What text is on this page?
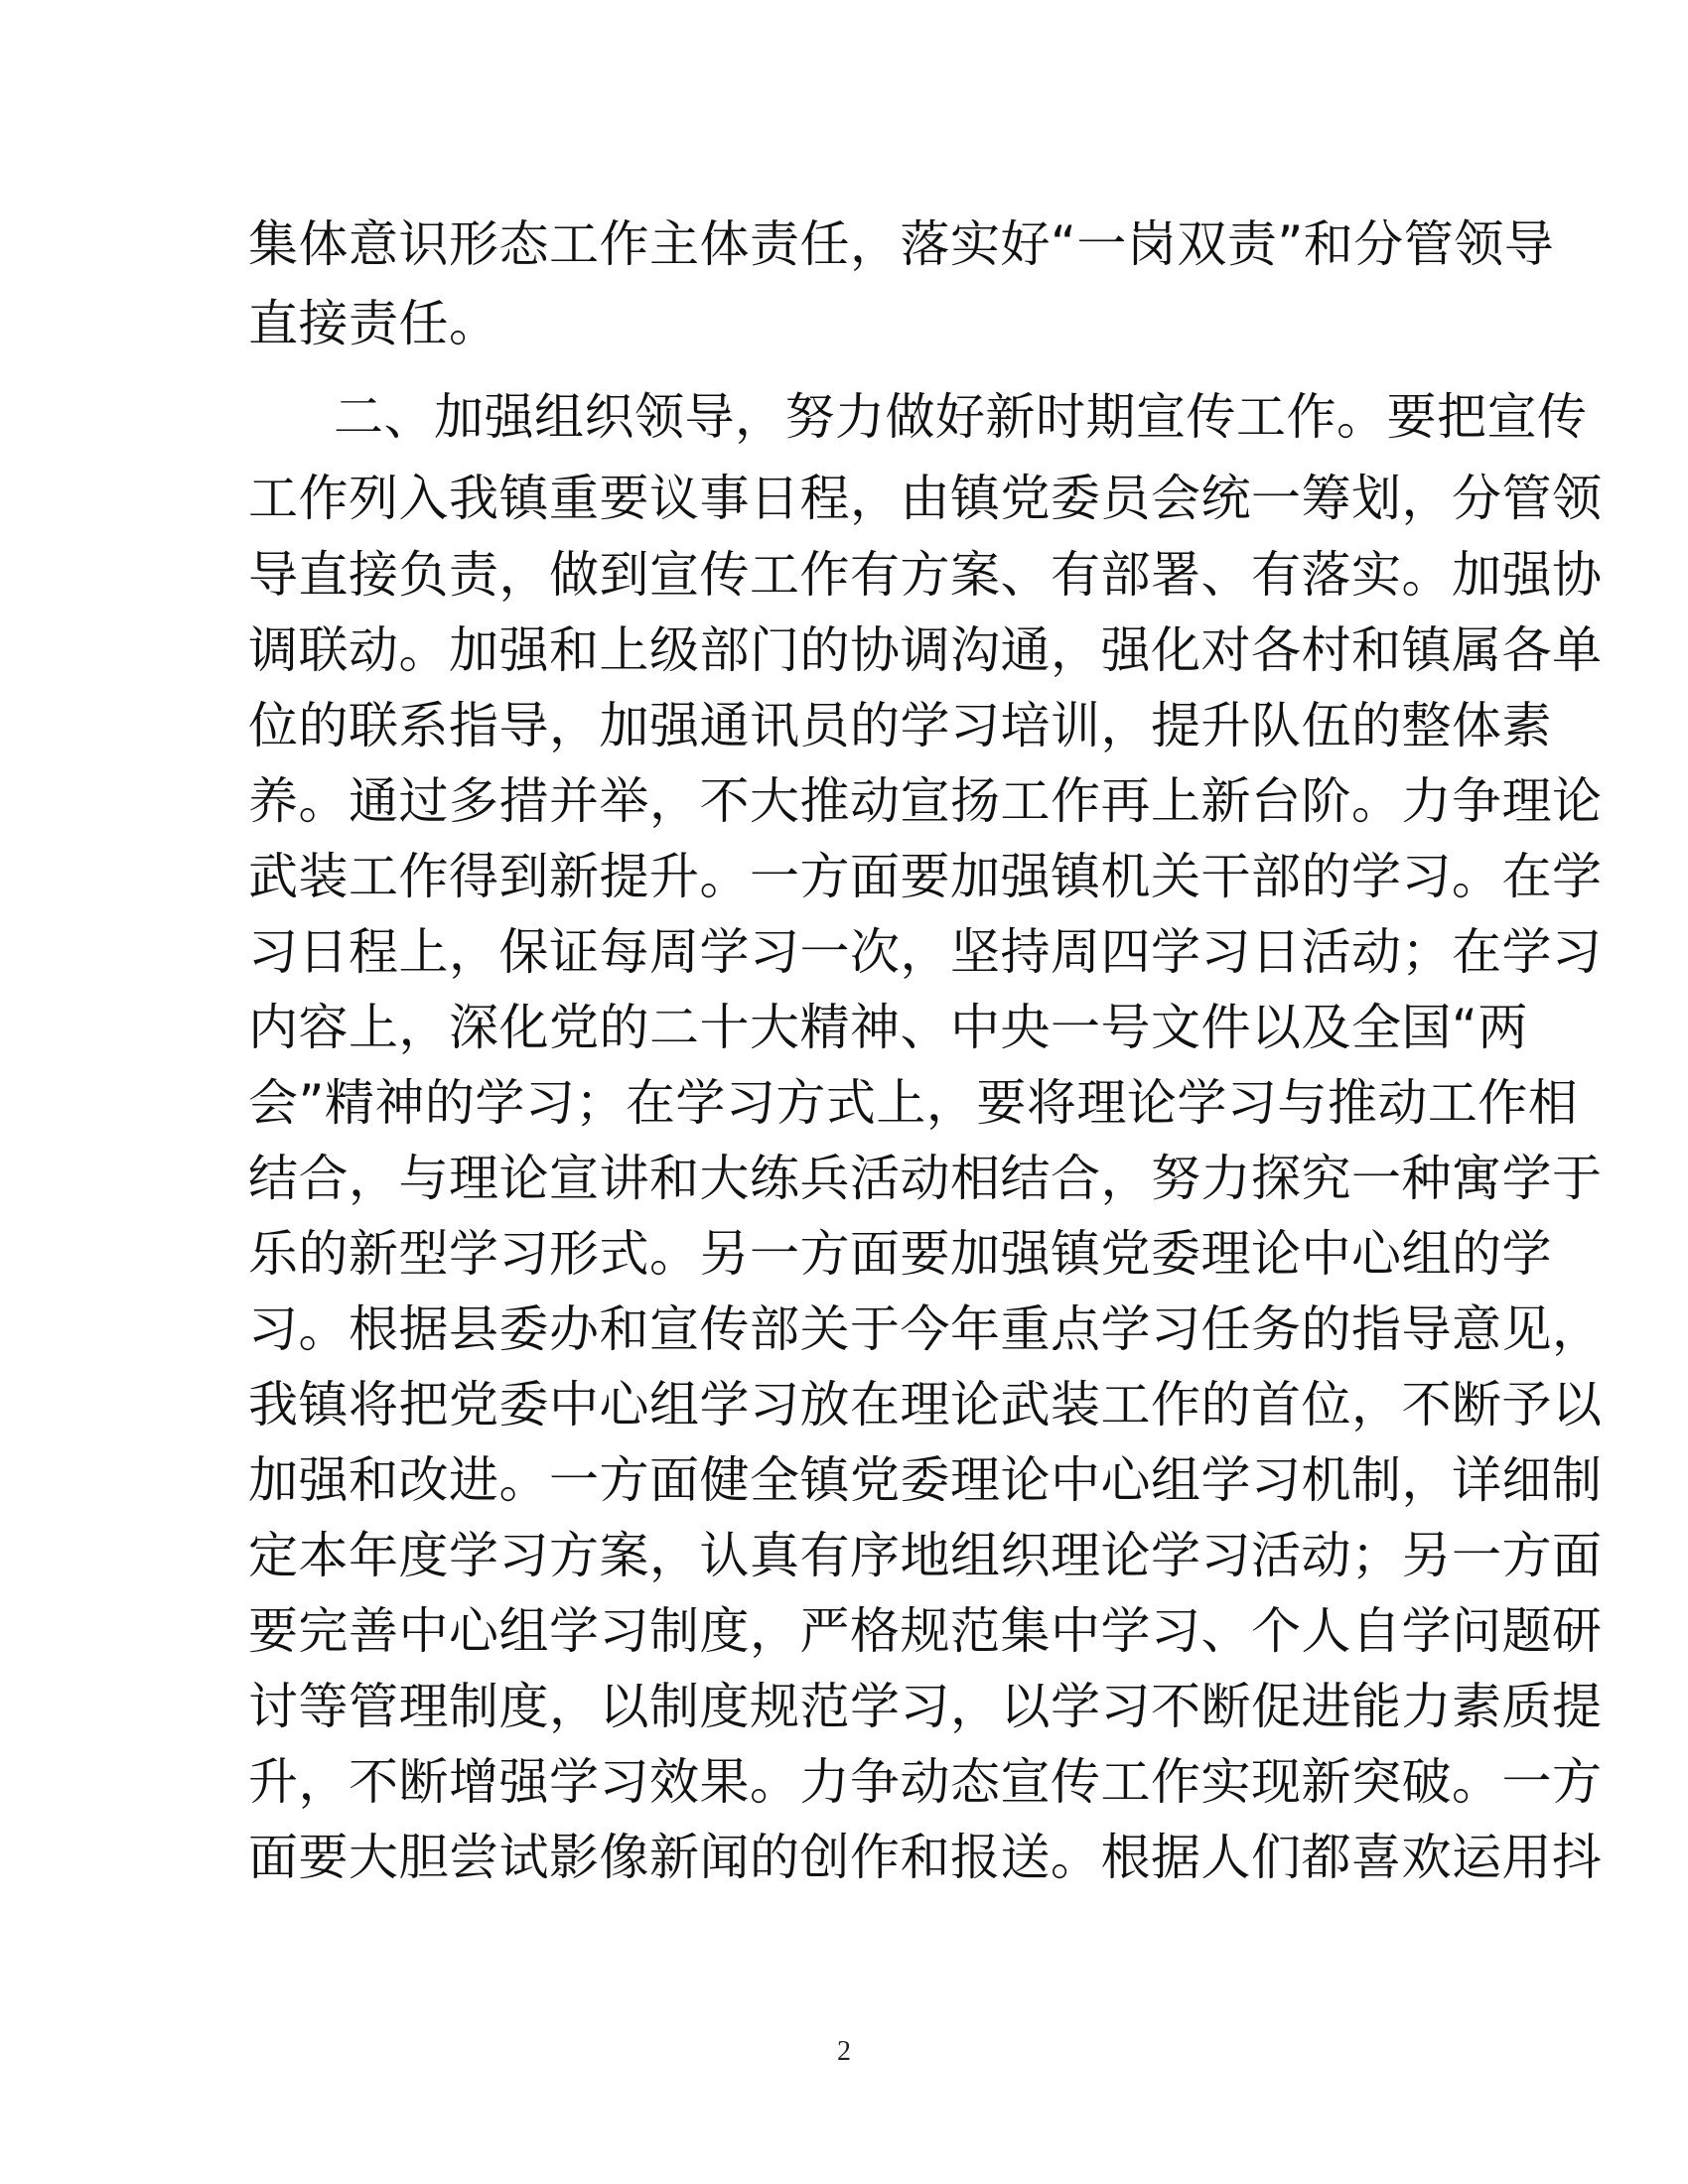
集体意识形态工作主体责任，落实好“一岗双责”和分管领导
直接责任。
二、加强组织领导，努力做好新时期宣传工作。要把宣传
工作列入我镇重要议事日程，由镇党委员会统一筹划，分管领
导直接负责，做到宣传工作有方案、有部署、有落实。加强协
调联动。加强和上级部门的协调沟通，强化对各村和镇属各单
位的联系指导，加强通讯员的学习培训，提升队伍的整体素
养。通过多措并举，不大推动宣扬工作再上新台阶。力争理论
武装工作得到新提升。一方面要加强镇机关干部的学习。在学
习日程上，保证每周学习一次，坚持周四学习日活动；在学习
内容上，深化党的二十大精神、中央一号文件以及全国“两
会”精神的学习；在学习方式上，要将理论学习与推动工作相
结合，与理论宣讲和大练兵活动相结合，努力探究一种寓学于
乐的新型学习形式。另一方面要加强镇党委理论中心组的学
习。根据县委办和宣传部关于今年重点学习任务的指导意见，
我镇将把党委中心组学习放在理论武装工作的首位，不断予以
加强和改进。一方面健全镇党委理论中心组学习机制，详细制
定本年度学习方案，认真有序地组织理论学习活动；另一方面
要完善中心组学习制度，严格规范集中学习、个人自学问题研
讨等管理制度，以制度规范学习，以学习不断促进能力素质提
升，不断增强学习效果。力争动态宣传工作实现新突破。一方
面要大胆尝试影像新闻的创作和报送。根据人们都喜欢运用抖
2
